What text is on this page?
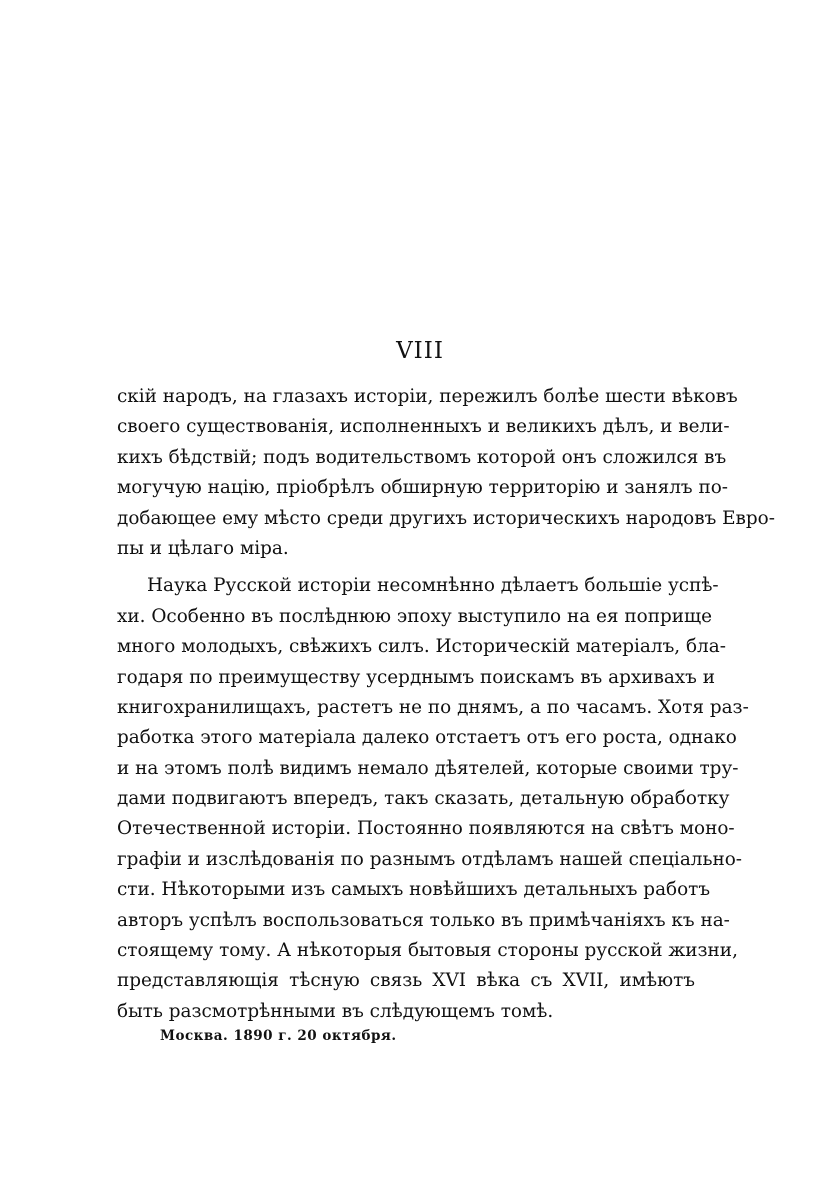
VIII
скій народъ, на глазахъ исторіи, пережилъ болѣе шести вѣковъ
своего существованія, исполненныхъ и великихъ дѣлъ, и вели-
кихъ бѣдствій; подъ водительствомъ которой онъ сложился въ
могучую націю, пріобрѣлъ обширную территорію и занялъ по-
добающее ему мѣсто среди другихъ историческихъ народовъ Евро-
пы и цѣлаго міра.
Наука Русской исторіи несомнѣнно дѣлаетъ большіе успѣ-
хи. Особенно въ послѣднюю эпоху выступило на ея поприще
много молодыхъ, свѣжихъ силъ. Историческій матеріалъ, бла-
годаря по преимуществу усерднымъ поискамъ въ архивахъ и
книгохранилищахъ, растетъ не по днямъ, а по часамъ. Хотя раз-
работка этого матеріала далеко отстаетъ отъ его роста, однако
и на этомъ полѣ видимъ немало дѣятелей, которые своими тру-
дами подвигаютъ впередъ, такъ сказать, детальную обработку
Отечественной исторіи. Постоянно появляются на свѣтъ моно-
графіи и изслѣдованія по разнымъ отдѣламъ нашей спеціально-
сти. Нѣкоторыми изъ самыхъ новѣйшихъ детальныхъ работъ
авторъ успѣлъ воспользоваться только въ примѣчаніяхъ къ на-
стоящему тому. А нѣкоторыя бытовыя стороны русской жизни,
представляющія тѣсную связь XVI вѣка съ XVII, имѣютъ
быть разсмотрѣнными въ слѣдующемъ томѣ.
Москва. 1890 г. 20 октября.
